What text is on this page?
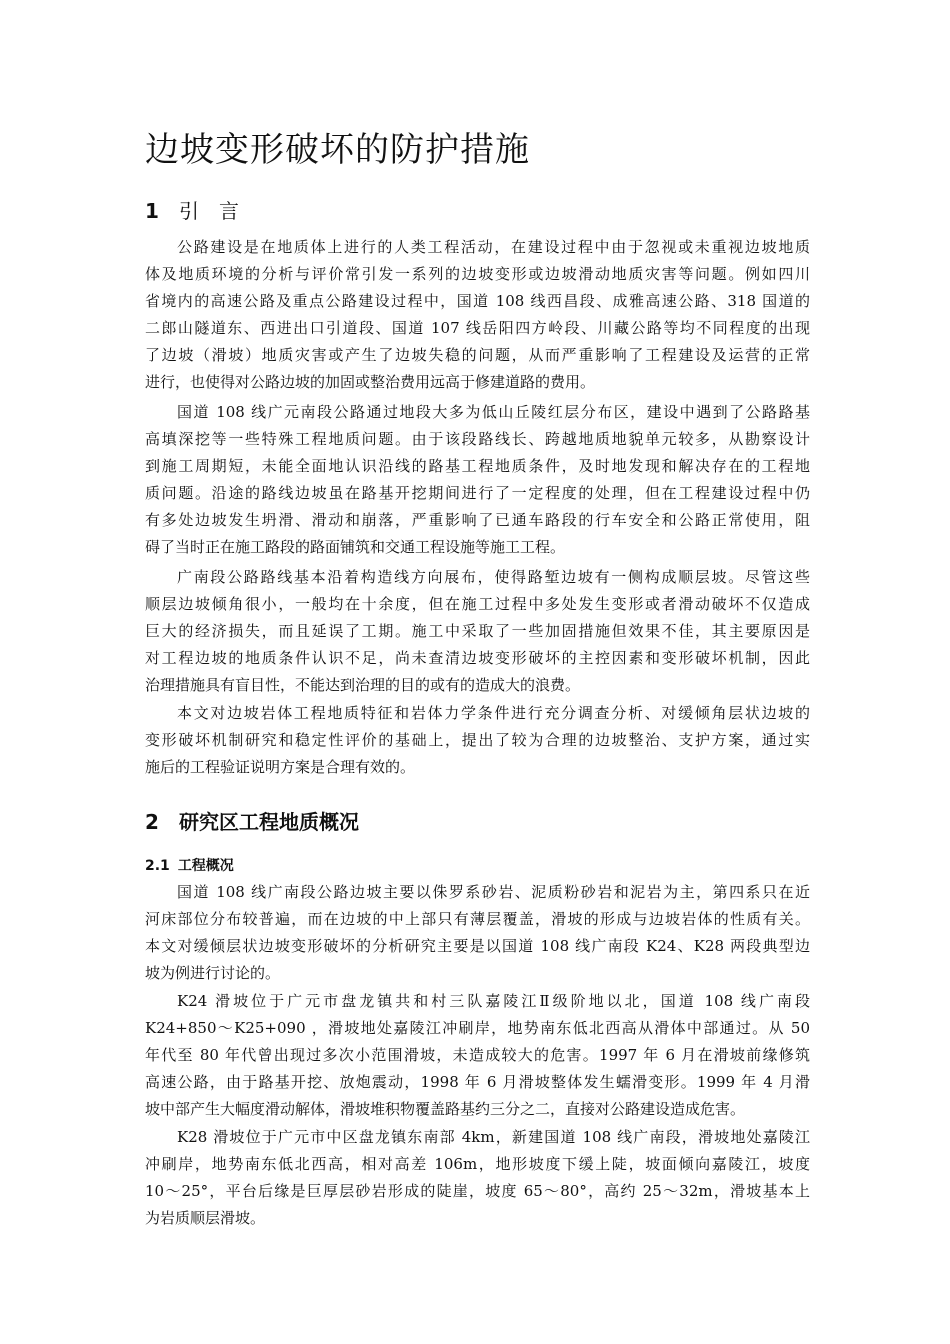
边坡变形破坏的防护措施
1 引　言
公路建设是在地质体上进行的人类工程活动，在建设过程中由于忽视或未重视边坡地质
体及地质环境的分析与评价常引发一系列的边坡变形或边坡滑动地质灾害等问题。例如四川
省境内的高速公路及重点公路建设过程中，国道 108 线西昌段、成雅高速公路、318 国道的
二郎山隧道东、西进出口引道段、国道 107 线岳阳四方岭段、川藏公路等均不同程度的出现
了边坡（滑坡）地质灾害或产生了边坡失稳的问题，从而严重影响了工程建设及运营的正常
进行，也使得对公路边坡的加固或整治费用远高于修建道路的费用。
国道 108 线广元南段公路通过地段大多为低山丘陵红层分布区，建设中遇到了公路路基
高填深挖等一些特殊工程地质问题。由于该段路线长、跨越地质地貌单元较多，从勘察设计
到施工周期短，未能全面地认识沿线的路基工程地质条件，及时地发现和解决存在的工程地
质问题。沿途的路线边坡虽在路基开挖期间进行了一定程度的处理，但在工程建设过程中仍
有多处边坡发生坍滑、滑动和崩落，严重影响了已通车路段的行车安全和公路正常使用，阻
碍了当时正在施工路段的路面铺筑和交通工程设施等施工工程。
广南段公路路线基本沿着构造线方向展布，使得路堑边坡有一侧构成顺层坡。尽管这些
顺层边坡倾角很小，一般均在十余度，但在施工过程中多处发生变形或者滑动破坏不仅造成
巨大的经济损失，而且延误了工期。施工中采取了一些加固措施但效果不佳，其主要原因是
对工程边坡的地质条件认识不足，尚未查清边坡变形破坏的主控因素和变形破坏机制，因此
治理措施具有盲目性，不能达到治理的目的或有的造成大的浪费。
本文对边坡岩体工程地质特征和岩体力学条件进行充分调查分析、对缓倾角层状边坡的
变形破坏机制研究和稳定性评价的基础上，提出了较为合理的边坡整治、支护方案，通过实
施后的工程验证说明方案是合理有效的。
2 研究区工程地质概况
2.1 工程概况
国道 108 线广南段公路边坡主要以侏罗系砂岩、泥质粉砂岩和泥岩为主，第四系只在近
河床部位分布较普遍，而在边坡的中上部只有薄层覆盖，滑坡的形成与边坡岩体的性质有关。
本文对缓倾层状边坡变形破坏的分析研究主要是以国道 108 线广南段 K24、K28 两段典型边
坡为例进行讨论的。
K24 滑坡位于广元市盘龙镇共和村三队嘉陵江Ⅱ级阶地以北，国道 108 线广南段
K24+850～K25+090 ，滑坡地处嘉陵江冲刷岸，地势南东低北西高从滑体中部通过。从 50
年代至 80 年代曾出现过多次小范围滑坡，未造成较大的危害。1997 年 6 月在滑坡前缘修筑
高速公路，由于路基开挖、放炮震动，1998 年 6 月滑坡整体发生蠕滑变形。1999 年 4 月滑
坡中部产生大幅度滑动解体，滑坡堆积物覆盖路基约三分之二，直接对公路建设造成危害。
K28 滑坡位于广元市中区盘龙镇东南部 4km，新建国道 108 线广南段，滑坡地处嘉陵江
冲刷岸，地势南东低北西高，相对高差 106m，地形坡度下缓上陡，坡面倾向嘉陵江，坡度
10～25°，平台后缘是巨厚层砂岩形成的陡崖，坡度 65～80°，高约 25～32m，滑坡基本上
为岩质顺层滑坡。
